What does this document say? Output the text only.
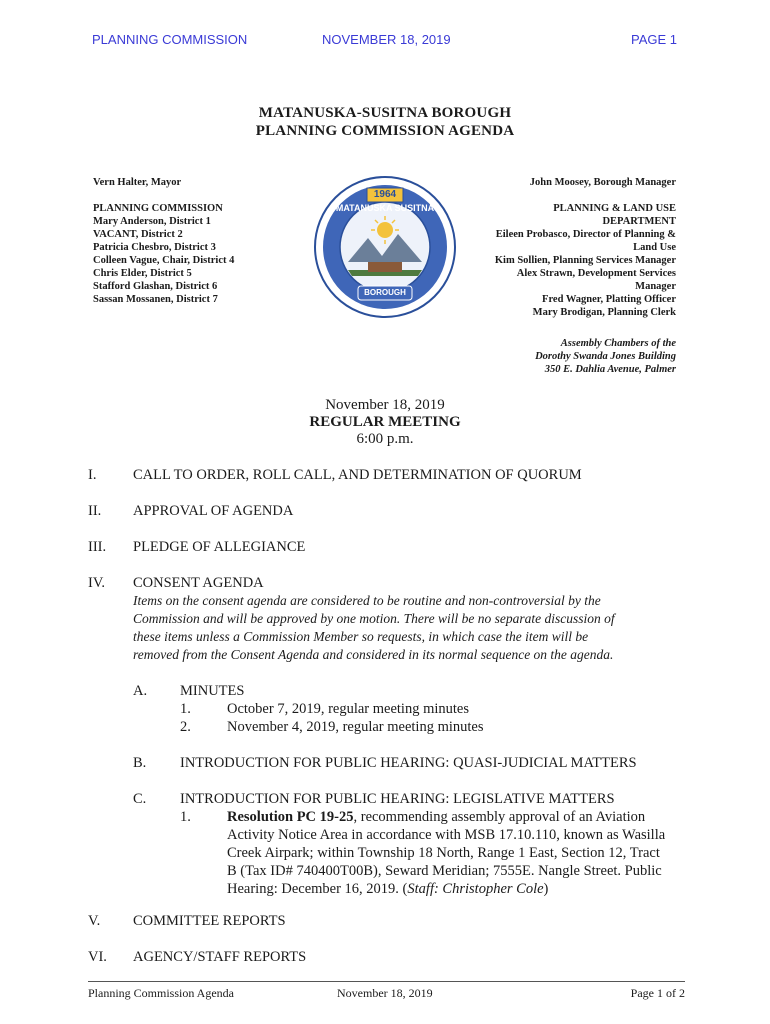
PLANNING COMMISSION	NOVEMBER 18, 2019	PAGE 1
MATANUSKA-SUSITNA BOROUGH
PLANNING COMMISSION AGENDA
Vern Halter, Mayor
PLANNING COMMISSION
Mary Anderson, District 1
VACANT, District 2
Patricia Chesbro, District 3
Colleen Vague, Chair, District 4
Chris Elder, District 5
Stafford Glashan, District 6
Sassan Mossanen, District 7
1964
BOROUGH
MATANUSKA SUSITNA
John Moosey, Borough Manager
PLANNING & LAND USE
DEPARTMENT
Eileen Probasco, Director of Planning &
Land Use
Kim Sollien, Planning Services Manager
Alex Strawn, Development Services
Manager
Fred Wagner, Platting Officer
Mary Brodigan, Planning Clerk
Assembly Chambers of the
Dorothy Swanda Jones Building
350 E. Dahlia Avenue, Palmer
November 18, 2019
REGULAR MEETING
6:00 p.m.
I.	CALL TO ORDER, ROLL CALL, AND DETERMINATION OF QUORUM
II. APPROVAL OF AGENDA
III. PLEDGE OF ALLEGIANCE
IV. CONSENT AGENDA
Items on the consent agenda are considered to be routine and non-controversial by the
Commission and will be approved by one motion. There will be no separate discussion of
these items unless a Commission Member so requests, in which case the item will be
removed from the Consent Agenda and considered in its normal sequence on the agenda.
A. MINUTES
1. October 7, 2019, regular meeting minutes
2. November 4, 2019, regular meeting minutes
B. INTRODUCTION FOR PUBLIC HEARING: QUASI-JUDICIAL MATTERS
C. INTRODUCTION FOR PUBLIC HEARING: LEGISLATIVE MATTERS
1. Resolution PC 19-25, recommending assembly approval of an Aviation
Activity Notice Area in accordance with MSB 17.10.110, known as Wasilla
Creek Airpark; within Township 18 North, Range 1 East, Section 12, Tract
B (Tax ID# 740400T00B), Seward Meridian; 7555E. Nangle Street. Public
Hearing: December 16, 2019. (Staff: Christopher Cole)
V. COMMITTEE REPORTS
VI. AGENCY/STAFF REPORTS
Planning Commission Agenda	November 18, 2019	Page 1 of 2
